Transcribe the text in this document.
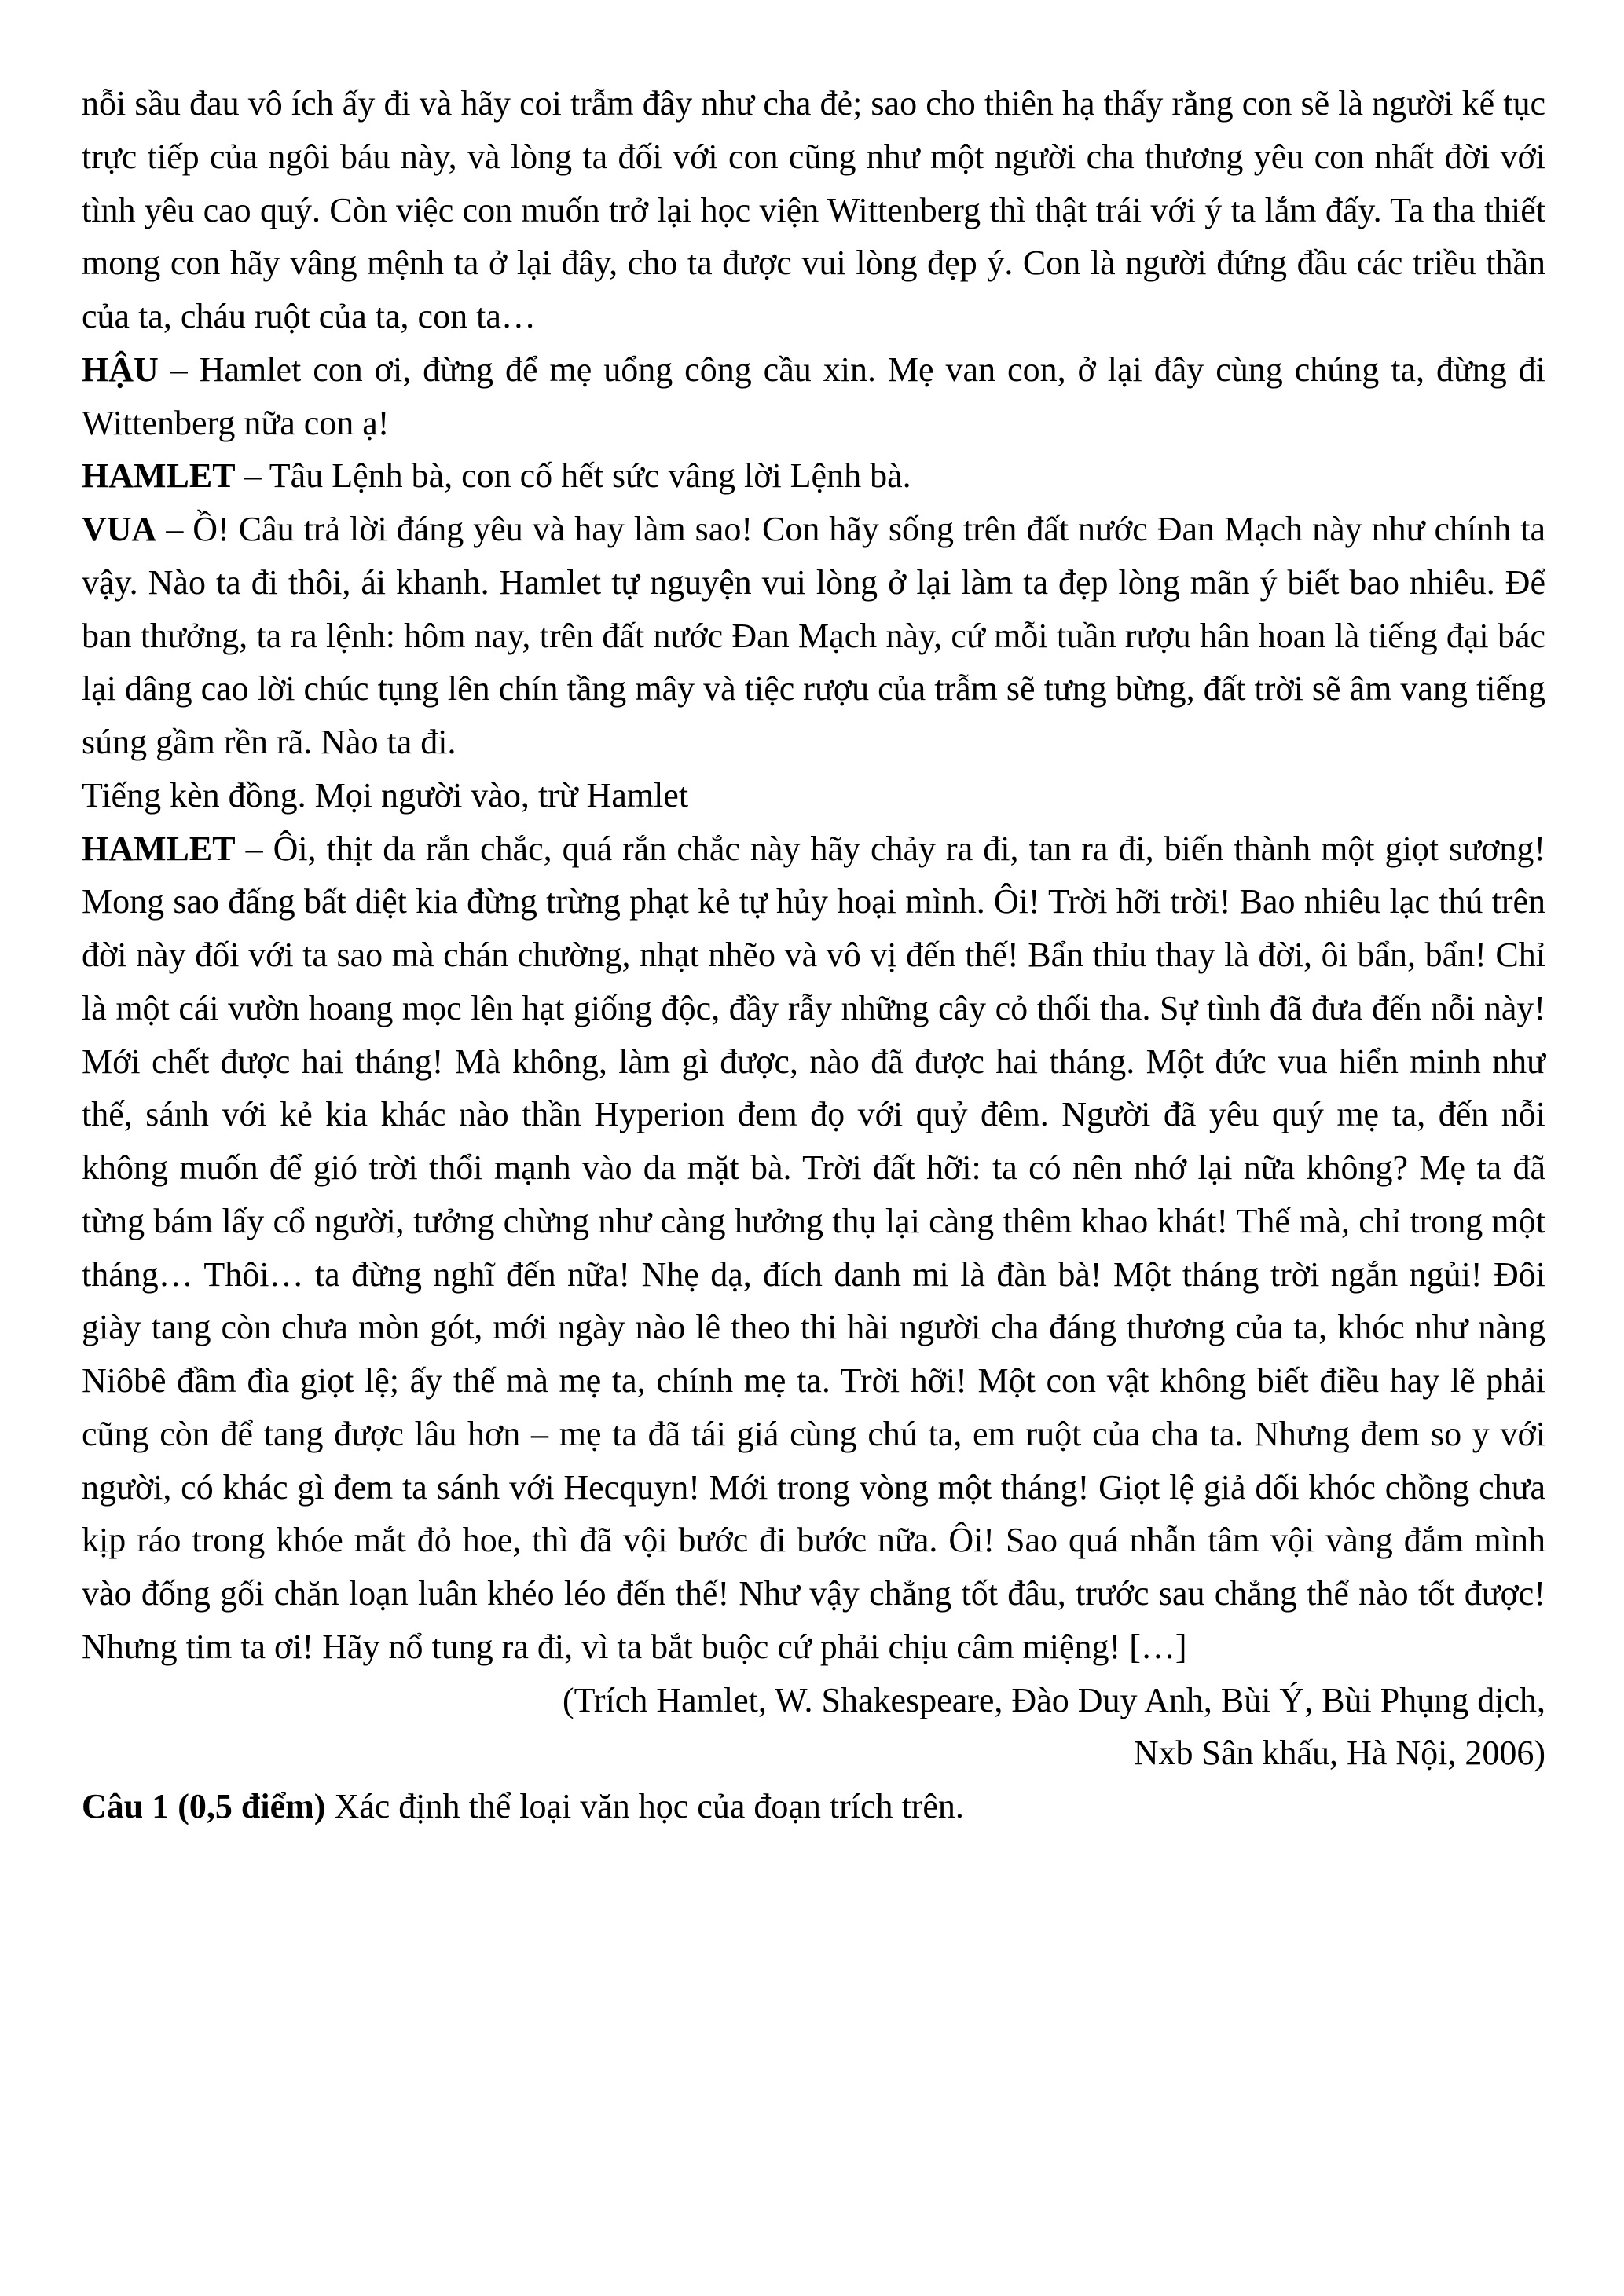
nỗi sầu đau vô ích ấy đi và hãy coi trẫm đây như cha đẻ; sao cho thiên hạ thấy rằng con sẽ là người kế tục trực tiếp của ngôi báu này, và lòng ta đối với con cũng như một người cha thương yêu con nhất đời với tình yêu cao quý. Còn việc con muốn trở lại học viện Wittenberg thì thật trái với ý ta lắm đấy. Ta tha thiết mong con hãy vâng mệnh ta ở lại đây, cho ta được vui lòng đẹp ý. Con là người đứng đầu các triều thần của ta, cháu ruột của ta, con ta…

HẬU – Hamlet con ơi, đừng để mẹ uổng công cầu xin. Mẹ van con, ở lại đây cùng chúng ta, đừng đi Wittenberg nữa con ạ!

HAMLET – Tâu Lệnh bà, con cố hết sức vâng lời Lệnh bà.

VUA – Ồ! Câu trả lời đáng yêu và hay làm sao! Con hãy sống trên đất nước Đan Mạch này như chính ta vậy. Nào ta đi thôi, ái khanh. Hamlet tự nguyện vui lòng ở lại làm ta đẹp lòng mãn ý biết bao nhiêu. Để ban thưởng, ta ra lệnh: hôm nay, trên đất nước Đan Mạch này, cứ mỗi tuần rượu hân hoan là tiếng đại bác lại dâng cao lời chúc tụng lên chín tầng mây và tiệc rượu của trẫm sẽ tưng bừng, đất trời sẽ âm vang tiếng súng gầm rền rã. Nào ta đi.

Tiếng kèn đồng. Mọi người vào, trừ Hamlet

HAMLET – Ôi, thịt da rắn chắc, quá rắn chắc này hãy chảy ra đi, tan ra đi, biến thành một giọt sương! Mong sao đấng bất diệt kia đừng trừng phạt kẻ tự hủy hoại mình. Ôi! Trời hỡi trời! Bao nhiêu lạc thú trên đời này đối với ta sao mà chán chường, nhạt nhẽo và vô vị đến thế! Bẩn thỉu thay là đời, ôi bẩn, bẩn! Chỉ là một cái vườn hoang mọc lên hạt giống độc, đầy rẫy những cây cỏ thối tha. Sự tình đã đưa đến nỗi này! Mới chết được hai tháng! Mà không, làm gì được, nào đã được hai tháng. Một đức vua hiển minh như thế, sánh với kẻ kia khác nào thần Hyperion đem đọ với quỷ đêm. Người đã yêu quý mẹ ta, đến nỗi không muốn để gió trời thổi mạnh vào da mặt bà. Trời đất hỡi: ta có nên nhớ lại nữa không? Mẹ ta đã từng bám lấy cổ người, tưởng chừng như càng hưởng thụ lại càng thêm khao khát! Thế mà, chỉ trong một tháng… Thôi… ta đừng nghĩ đến nữa! Nhẹ dạ, đích danh mi là đàn bà! Một tháng trời ngắn ngủi! Đôi giày tang còn chưa mòn gót, mới ngày nào lê theo thi hài người cha đáng thương của ta, khóc như nàng Niôbê đầm đìa giọt lệ; ấy thế mà mẹ ta, chính mẹ ta. Trời hỡi! Một con vật không biết điều hay lẽ phải cũng còn để tang được lâu hơn – mẹ ta đã tái giá cùng chú ta, em ruột của cha ta. Nhưng đem so y với người, có khác gì đem ta sánh với Hecquyn! Mới trong vòng một tháng! Giọt lệ giả dối khóc chồng chưa kịp ráo trong khóe mắt đỏ hoe, thì đã vội bước đi bước nữa. Ôi! Sao quá nhẫn tâm vội vàng đắm mình vào đống gối chăn loạn luân khéo léo đến thế! Như vậy chẳng tốt đâu, trước sau chẳng thể nào tốt được! Nhưng tim ta ơi! Hãy nổ tung ra đi, vì ta bắt buộc cứ phải chịu câm miệng! […]

(Trích Hamlet, W. Shakespeare, Đào Duy Anh, Bùi Ý, Bùi Phụng dịch,
Nxb Sân khấu, Hà Nội, 2006)

Câu 1 (0,5 điểm) Xác định thể loại văn học của đoạn trích trên.
